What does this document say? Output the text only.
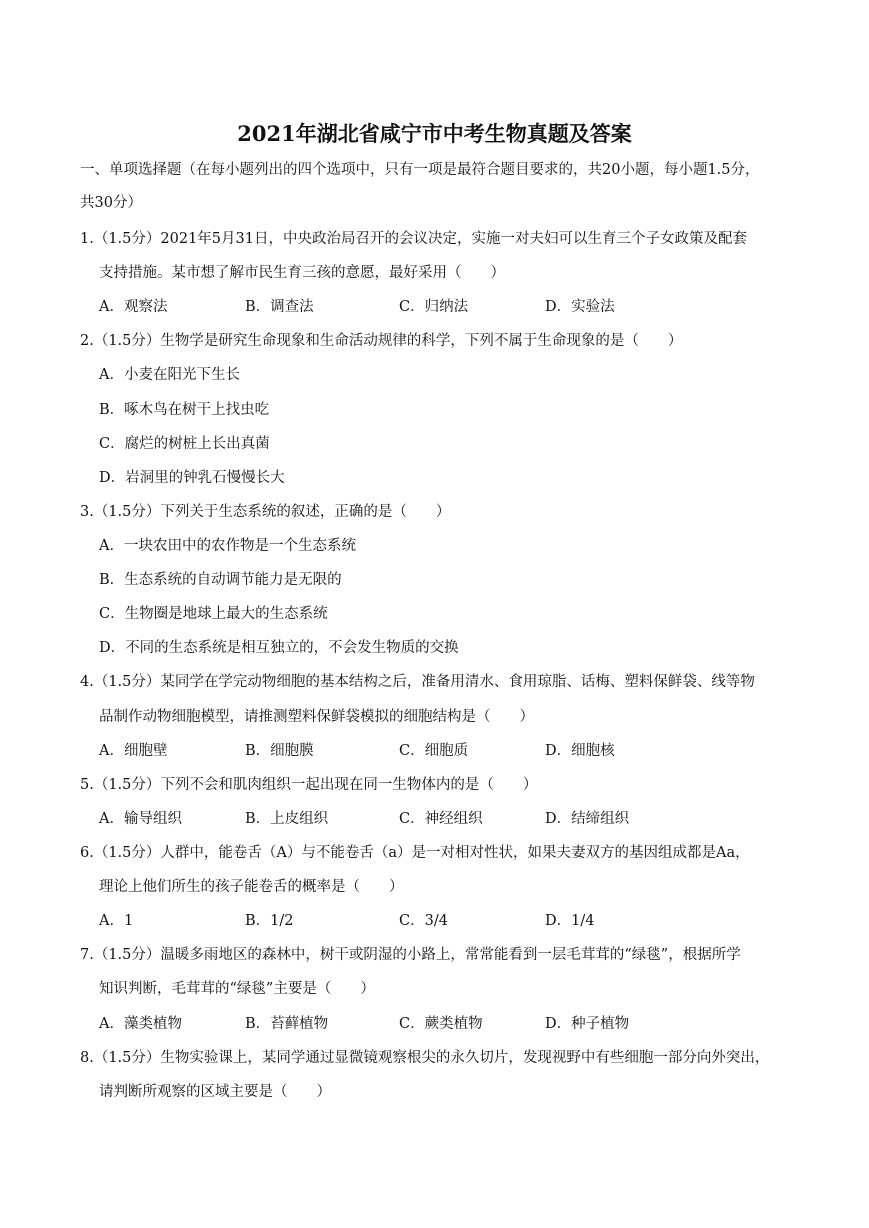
2021年湖北省咸宁市中考生物真题及答案
一、单项选择题（在每小题列出的四个选项中，只有一项是最符合题目要求的，共20小题，每小题1.5分，
共30分）
1.（1.5分）2021年5月31日，中央政治局召开的会议决定，实施一对夫妇可以生育三个子女政策及配套
支持措施。某市想了解市民生育三孩的意愿，最好采用（　　）
A．观察法	B．调查法	C．归纳法	D．实验法
2.（1.5分）生物学是研究生命现象和生命活动规律的科学，下列不属于生命现象的是（　　）
A．小麦在阳光下生长
B．啄木鸟在树干上找虫吃
C．腐烂的树桩上长出真菌
D．岩洞里的钟乳石慢慢长大
3.（1.5分）下列关于生态系统的叙述，正确的是（　　）
A．一块农田中的农作物是一个生态系统
B．生态系统的自动调节能力是无限的
C．生物圈是地球上最大的生态系统
D．不同的生态系统是相互独立的，不会发生物质的交换
4.（1.5分）某同学在学完动物细胞的基本结构之后，准备用清水、食用琼脂、话梅、塑料保鲜袋、线等物
品制作动物细胞模型，请推测塑料保鲜袋模拟的细胞结构是（　　）
A．细胞壁	B．细胞膜	C．细胞质	D．细胞核
5.（1.5分）下列不会和肌肉组织一起出现在同一生物体内的是（　　）
A．输导组织	B．上皮组织	C．神经组织	D．结缔组织
6.（1.5分）人群中，能卷舌（A）与不能卷舌（a）是一对相对性状，如果夫妻双方的基因组成都是Aa，
理论上他们所生的孩子能卷舌的概率是（　　）
A．1	B．1/2	C．3/4	D．1/4
7.（1.5分）温暖多雨地区的森林中，树干或阴湿的小路上，常常能看到一层毛茸茸的“绿毯”，根据所学
知识判断，毛茸茸的“绿毯”主要是（　　）
A．藻类植物	B．苔藓植物	C．蕨类植物	D．种子植物
8.（1.5分）生物实验课上，某同学通过显微镜观察根尖的永久切片，发现视野中有些细胞一部分向外突出，
请判断所观察的区域主要是（　　）
